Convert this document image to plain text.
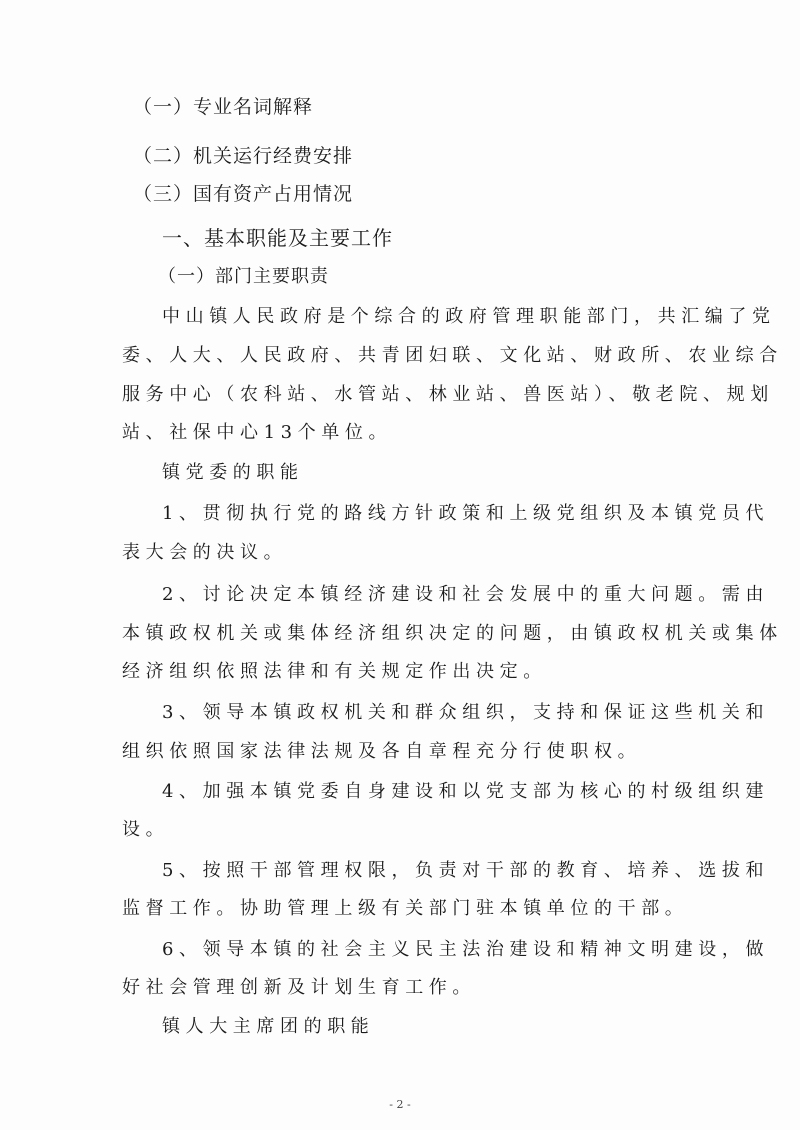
（一）专业名词解释
（二）机关运行经费安排
（三）国有资产占用情况
一、基本职能及主要工作
（一）部门主要职责
中山镇人民政府是个综合的政府管理职能部门，共汇编了党
委、人大、人民政府、共青团妇联、文化站、财政所、农业综合
服务中心（农科站、水管站、林业站、兽医站）、敬老院、规划
站、社保中心13个单位。
镇党委的职能
1、贯彻执行党的路线方针政策和上级党组织及本镇党员代
表大会的决议。
2、讨论决定本镇经济建设和社会发展中的重大问题。需由
本镇政权机关或集体经济组织决定的问题，由镇政权机关或集体
经济组织依照法律和有关规定作出决定。
3、领导本镇政权机关和群众组织，支持和保证这些机关和
组织依照国家法律法规及各自章程充分行使职权。
4、加强本镇党委自身建设和以党支部为核心的村级组织建
设。
5、按照干部管理权限，负责对干部的教育、培养、选拔和
监督工作。协助管理上级有关部门驻本镇单位的干部。
6、领导本镇的社会主义民主法治建设和精神文明建设，做
好社会管理创新及计划生育工作。
镇人大主席团的职能
- 2 -
